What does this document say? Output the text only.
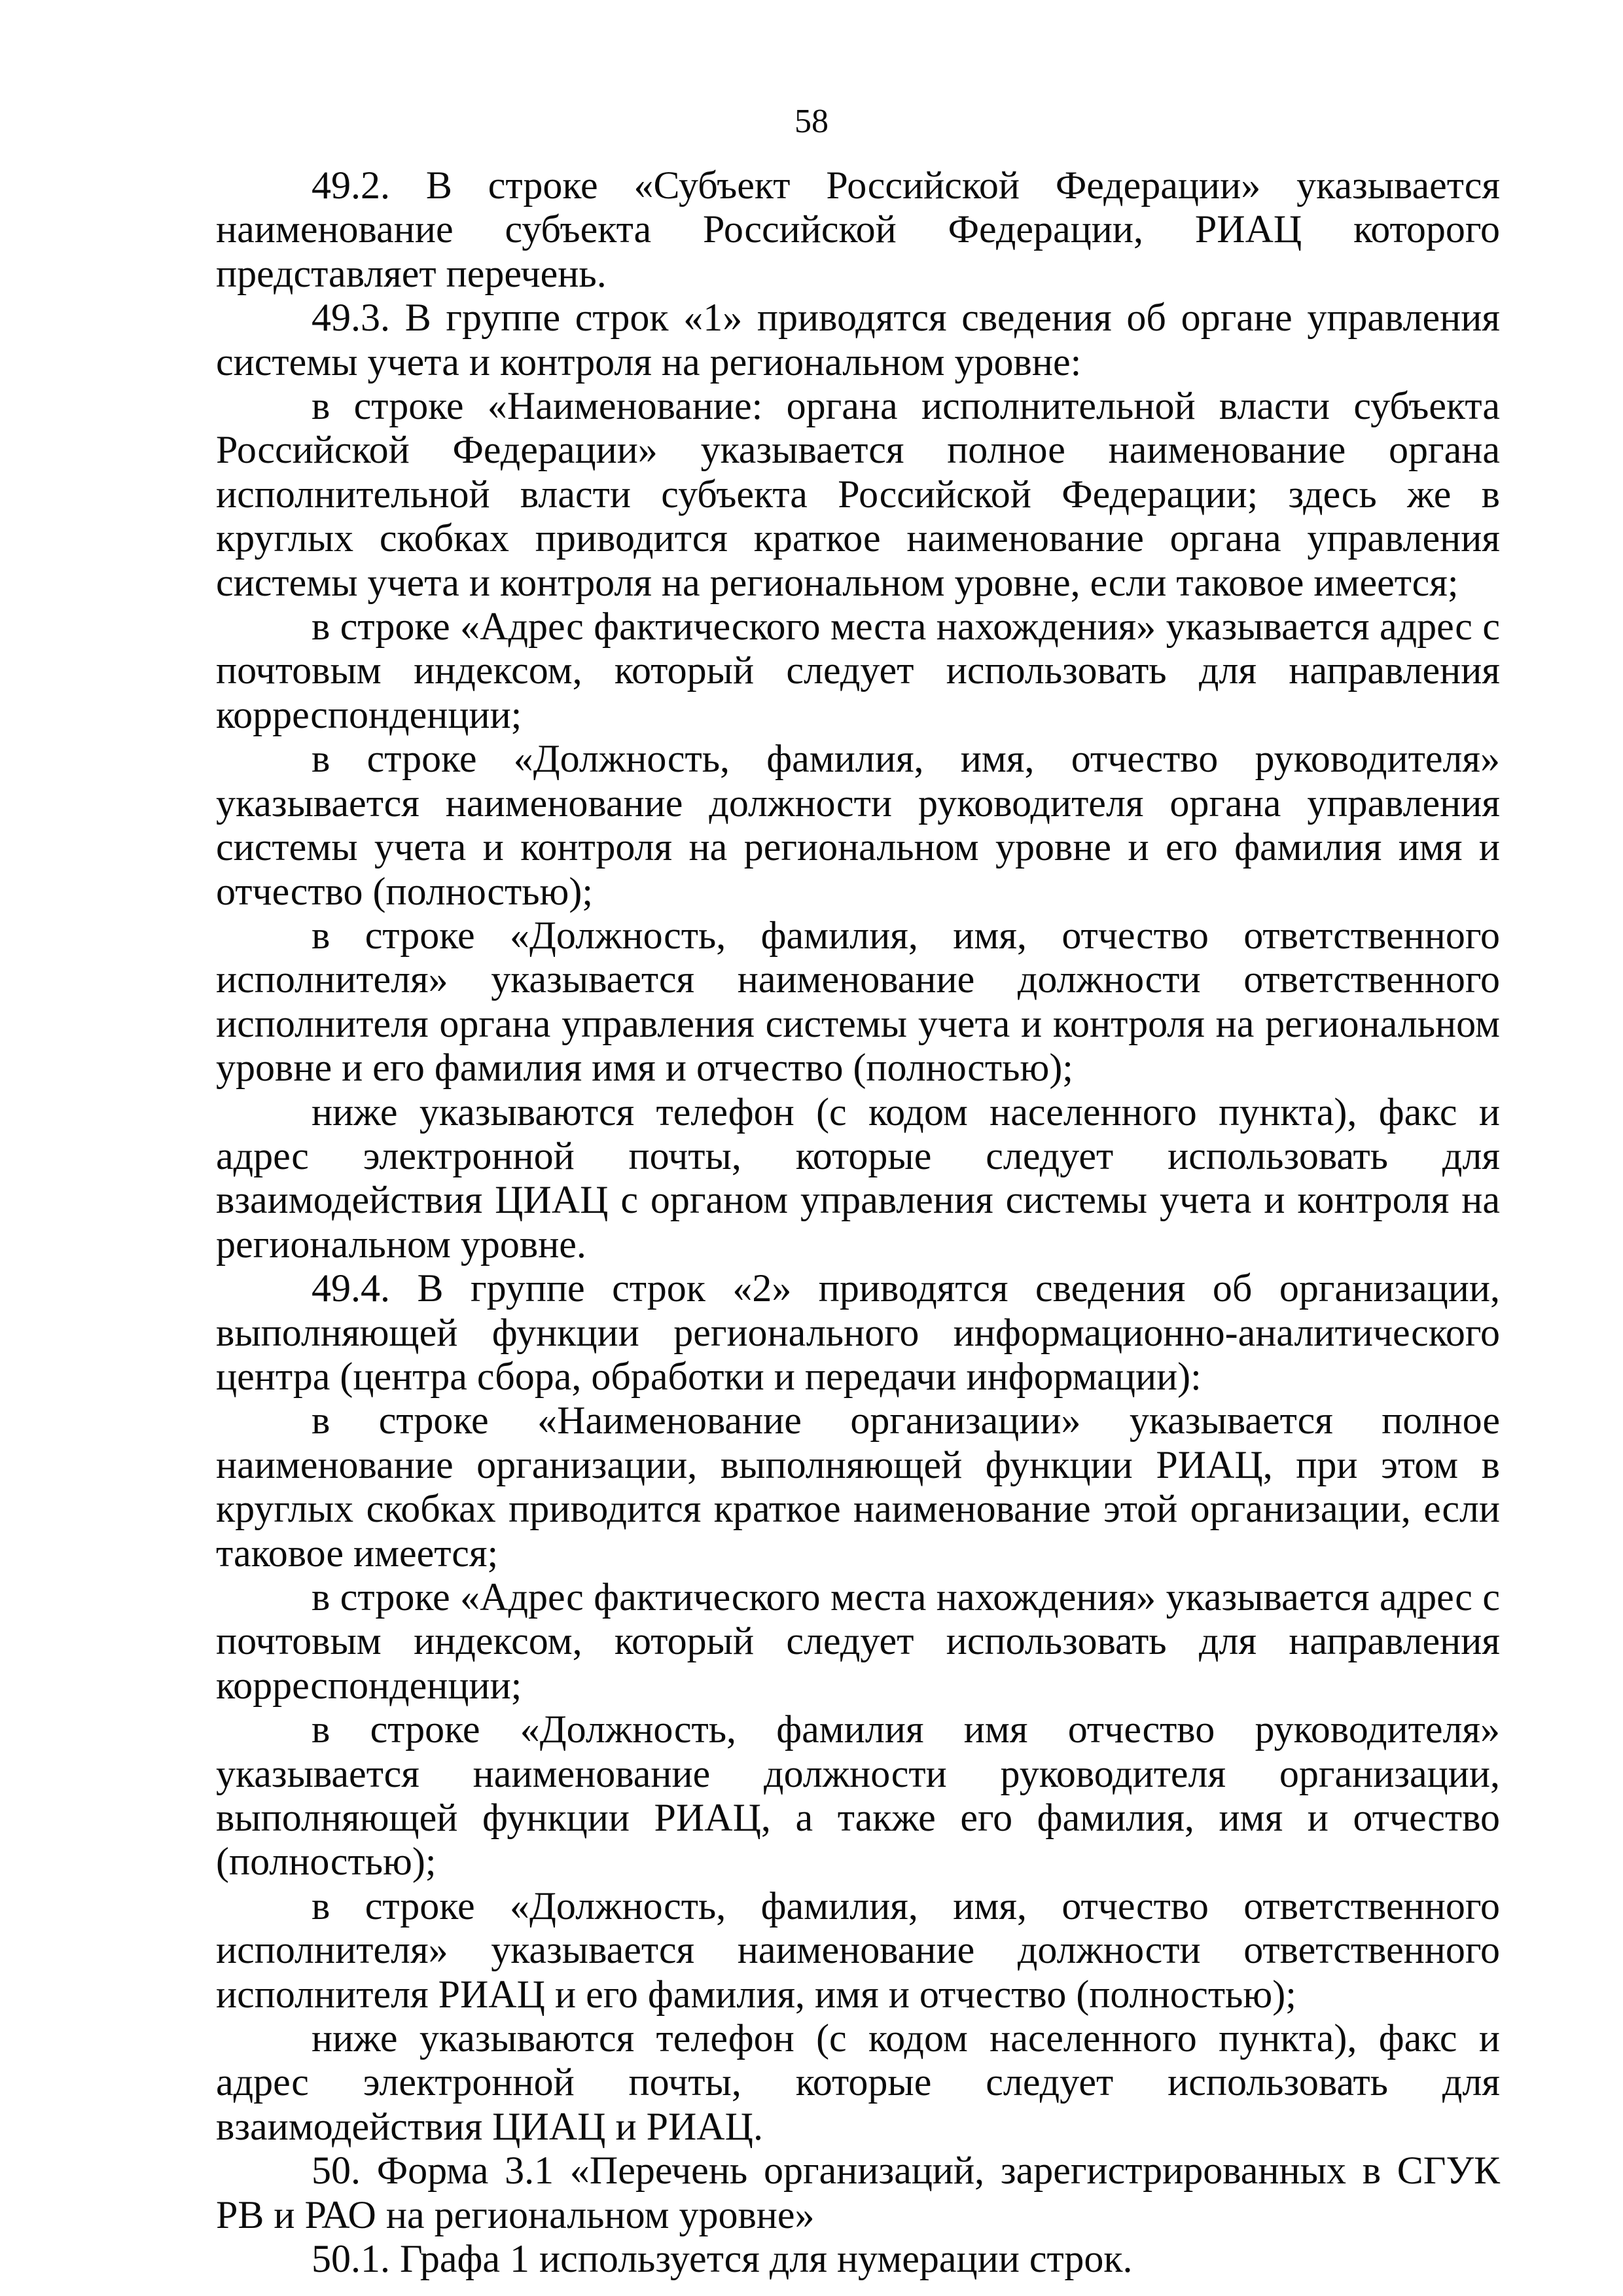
58

49.2. В строке «Субъект Российской Федерации» указывается наименование субъекта Российской Федерации, РИАЦ которого представляет перечень.

49.3. В группе строк «1» приводятся сведения об органе управления системы учета и контроля на региональном уровне:

в строке «Наименование: органа исполнительной власти субъекта Российской Федерации» указывается полное наименование органа исполнительной власти субъекта Российской Федерации; здесь же в круглых скобках приводится краткое наименование органа управления системы учета и контроля на региональном уровне, если таковое имеется;

в строке «Адрес фактического места нахождения» указывается адрес с почтовым индексом, который следует использовать для направления корреспонденции;

в строке «Должность, фамилия, имя, отчество руководителя» указывается наименование должности руководителя органа управления системы учета и контроля на региональном уровне и его фамилия имя и отчество (полностью);

в строке «Должность, фамилия, имя, отчество ответственного исполнителя» указывается наименование должности ответственного исполнителя органа управления системы учета и контроля на региональном уровне и его фамилия имя и отчество (полностью);

ниже указываются телефон (с кодом населенного пункта), факс и адрес электронной почты, которые следует использовать для взаимодействия ЦИАЦ с органом управления системы учета и контроля на региональном уровне.

49.4. В группе строк «2» приводятся сведения об организации, выполняющей функции регионального информационно-аналитического центра (центра сбора, обработки и передачи информации):

в строке «Наименование организации» указывается полное наименование организации, выполняющей функции РИАЦ, при этом в круглых скобках приводится краткое наименование этой организации, если таковое имеется;

в строке «Адрес фактического места нахождения» указывается адрес с почтовым индексом, который следует использовать для направления корреспонденции;

в строке «Должность, фамилия имя отчество руководителя» указывается наименование должности руководителя организации, выполняющей функции РИАЦ, а также его фамилия, имя и отчество (полностью);

в строке «Должность, фамилия, имя, отчество ответственного исполнителя» указывается наименование должности ответственного исполнителя РИАЦ и его фамилия, имя и отчество (полностью);

ниже указываются телефон (с кодом населенного пункта), факс и адрес электронной почты, которые следует использовать для взаимодействия ЦИАЦ и РИАЦ.

50. Форма 3.1 «Перечень организаций, зарегистрированных в СГУК РВ и РАО на региональном уровне»

50.1. Графа 1 используется для нумерации строк.
